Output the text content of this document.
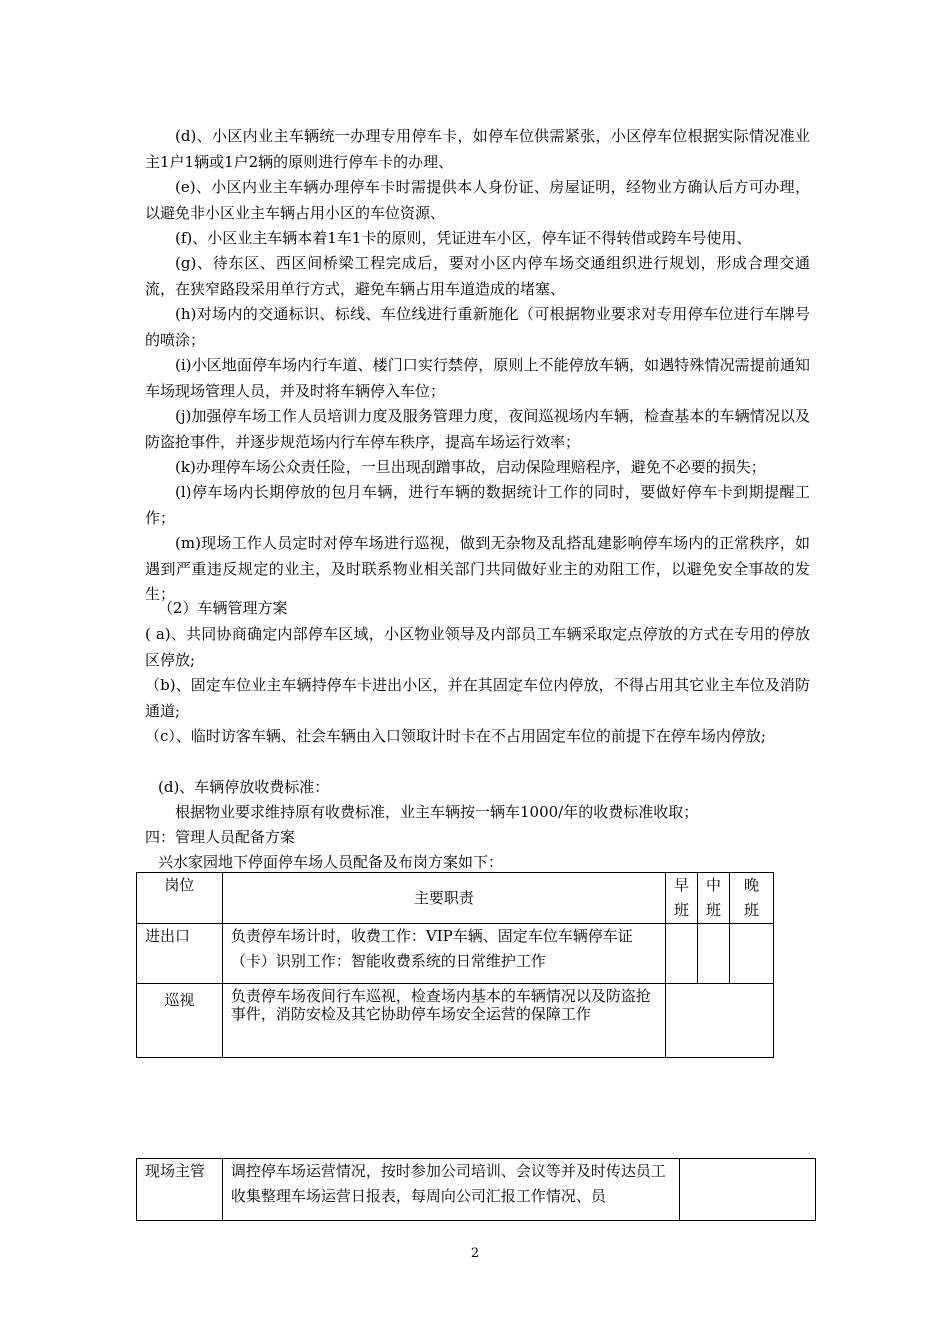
(d)、小区内业主车辆统一办理专用停车卡，如停车位供需紧张，小区停车位根据实际情况准业主1户1辆或1户2辆的原则进行停车卡的办理、

(e)、小区内业主车辆办理停车卡时需提供本人身份证、房屋证明，经物业方确认后方可办理，以避免非小区业主车辆占用小区的车位资源、

(f)、小区业主车辆本着1车1卡的原则，凭证进车小区，停车证不得转借或跨车号使用、

(g)、待东区、西区间桥梁工程完成后，要对小区内停车场交通组织进行规划，形成合理交通流，在狭窄路段采用单行方式，避免车辆占用车道造成的堵塞、

(h)对场内的交通标识、标线、车位线进行重新施化（可根据物业要求对专用停车位进行车牌号的喷涂；

(i)小区地面停车场内行车道、楼门口实行禁停，原则上不能停放车辆，如遇特殊情况需提前通知车场现场管理人员，并及时将车辆停入车位；

(j)加强停车场工作人员培训力度及服务管理力度，夜间巡视场内车辆，检查基本的车辆情况以及防盗抢事件，并逐步规范场内行车停车秩序，提高车场运行效率；

(k)办理停车场公众责任险，一旦出现刮蹭事故，启动保险理赔程序，避免不必要的损失；

(l)停车场内长期停放的包月车辆，进行车辆的数据统计工作的同时，要做好停车卡到期提醒工作；

(m)现场工作人员定时对停车场进行巡视，做到无杂物及乱搭乱建影响停车场内的正常秩序，如遇到严重违反规定的业主，及时联系物业相关部门共同做好业主的劝阻工作，以避免安全事故的发生；

（2）车辆管理方案

( a)、共同协商确定内部停车区域，小区物业领导及内部员工车辆采取定点停放的方式在专用的停放区停放;

（b)、固定车位业主车辆持停车卡进出小区，并在其固定车位内停放，不得占用其它业主车位及消防通道;

（c）、临时访客车辆、社会车辆由入口领取计时卡在不占用固定车位的前提下在停车场内停放;

(d)、车辆停放收费标准：
根据物业要求维持原有收费标准，业主车辆按一辆车1000/年的收费标准收取；
四：管理人员配备方案
兴水家园地下停面停车场人员配备及布岗方案如下：
岗位	主要职责	早班	中班	晚班
进出口	负责停车场计时，收费工作：VIP车辆、固定车位车辆停车证（卡）识别工作：智能收费系统的日常维护工作			
巡视	负责停车场夜间行车巡视，检查场内基本的车辆情况以及防盗抢事件，消防安检及其它协助停车场安全运营的保障工作			
现场主管	调控停车场运营情况，按时参加公司培训、会议等并及时传达员工收集整理车场运营日报表，每周向公司汇报工作情况、员	
2
